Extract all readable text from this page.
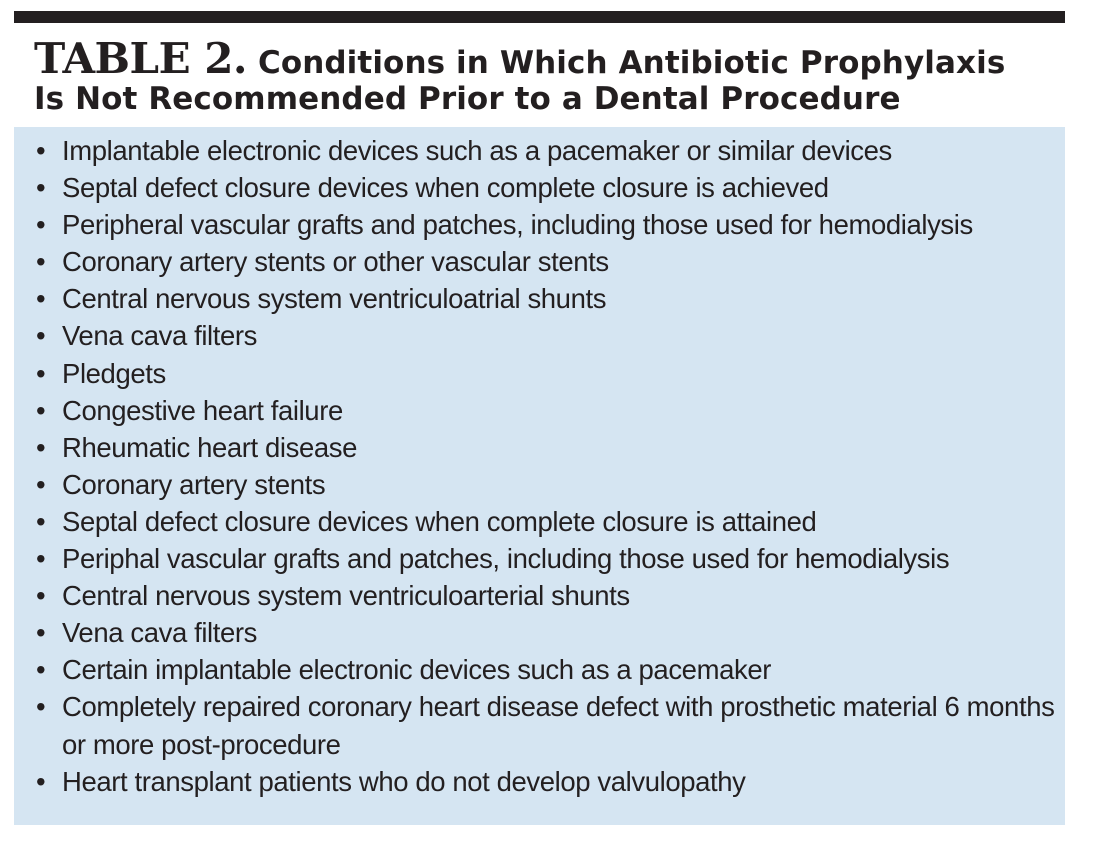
TABLE 2. Conditions in Which Antibiotic Prophylaxis
Is Not Recommended Prior to a Dental Procedure
• Implantable electronic devices such as a pacemaker or similar devices
• Septal defect closure devices when complete closure is achieved
• Peripheral vascular grafts and patches, including those used for hemodialysis
• Coronary artery stents or other vascular stents
• Central nervous system ventriculoatrial shunts
• Vena cava filters
• Pledgets
• Congestive heart failure
• Rheumatic heart disease
• Coronary artery stents
• Septal defect closure devices when complete closure is attained
• Periphal vascular grafts and patches, including those used for hemodialysis
• Central nervous system ventriculoarterial shunts
• Vena cava filters
• Certain implantable electronic devices such as a pacemaker
• Completely repaired coronary heart disease defect with prosthetic material 6 months or more post-procedure
• Heart transplant patients who do not develop valvulopathy
